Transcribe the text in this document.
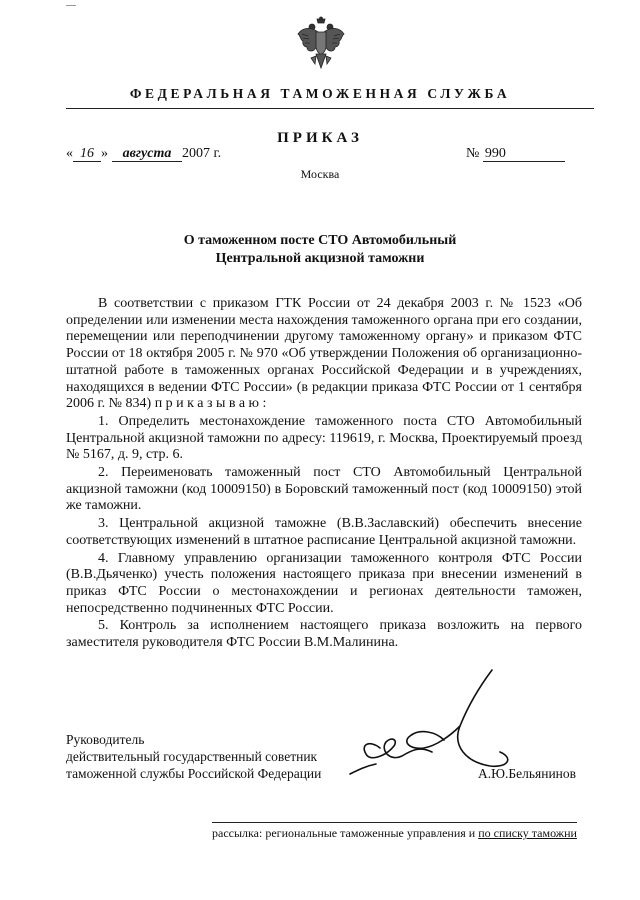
ФЕДЕРАЛЬНАЯ ТАМОЖЕННАЯ СЛУЖБА
ПРИКАЗ
« 16 » августа 2007 г.	№ 990
Москва
О таможенном посте СТО Автомобильный
Центральной акцизной таможни

В соответствии с приказом ГТК России от 24 декабря 2003 г. № 1523 «Об определении или изменении места нахождения таможенного органа при его создании, перемещении или переподчинении другому таможенному органу» и приказом ФТС России от 18 октября 2005 г. № 970 «Об утверждении Положения об организационно-штатной работе в таможенных органах Российской Федерации и в учреждениях, находящихся в ведении ФТС России» (в редакции приказа ФТС России от 1 сентября 2006 г. № 834) приказываю:

1. Определить местонахождение таможенного поста СТО Автомобильный Центральной акцизной таможни по адресу: 119619, г. Москва, Проектируемый проезд № 5167, д. 9, стр. 6.

2. Переименовать таможенный пост СТО Автомобильный Центральной акцизной таможни (код 10009150) в Боровский таможенный пост (код 10009150) этой же таможни.

3. Центральной акцизной таможне (В.В.Заславский) обеспечить внесение соответствующих изменений в штатное расписание Центральной акцизной таможни.

4. Главному управлению организации таможенного контроля ФТС России (В.В.Дьяченко) учесть положения настоящего приказа при внесении изменений в приказ ФТС России о местонахождении и регионах деятельности таможен, непосредственно подчиненных ФТС России.

5. Контроль за исполнением настоящего приказа возложить на первого заместителя руководителя ФТС России В.М.Малинина.

Руководитель
действительный государственный советник
таможенной службы Российской Федерации	А.Ю.Бельянинов
рассылка: региональные таможенные управления и по списку таможни
